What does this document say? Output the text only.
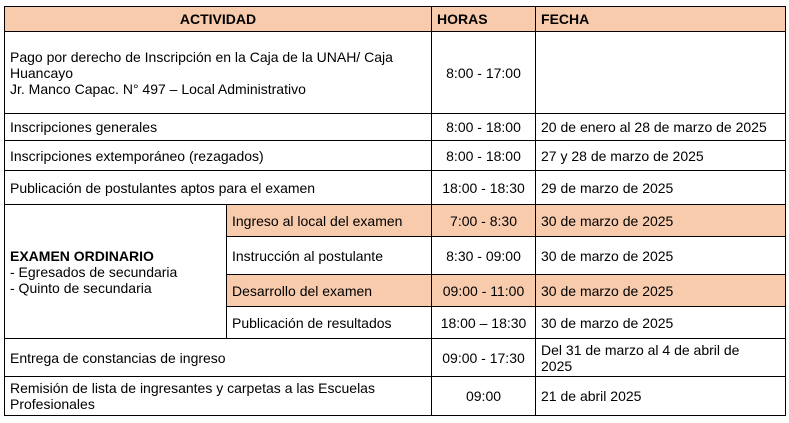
ACTIVIDAD		HORAS	FECHA

Pago por derecho de Inscripción en la Caja de la UNAH/ Caja
Huancayo
Jr. Manco Capac. N° 497 – Local Administrativo		8:00 - 17:00	
Inscripciones generales		8:00 - 18:00	20 de enero al 28 de marzo de 2025
Inscripciones extemporáneo (rezagados)		8:00 - 18:00	27 y 28 de marzo de 2025
Publicación de postulantes aptos para el examen		18:00 - 18:30	29 de marzo de 2025

EXAMEN ORDINARIO
- Egresados de secundaria
- Quinto de secundaria	Ingreso al local del examen	7:00 - 8:30	30 de marzo de 2025
	Instrucción al postulante	8:30 - 09:00	30 de marzo de 2025
	Desarrollo del examen	09:00 - 11:00	30 de marzo de 2025
	Publicación de resultados	18:00 – 18:30	30 de marzo de 2025
Entrega de constancias de ingreso		09:00 - 17:30	Del 31 de marzo al 4 de abril de
2025

Remisión de lista de ingresantes y carpetas a las Escuelas
Profesionales		09:00	21 de abril 2025
